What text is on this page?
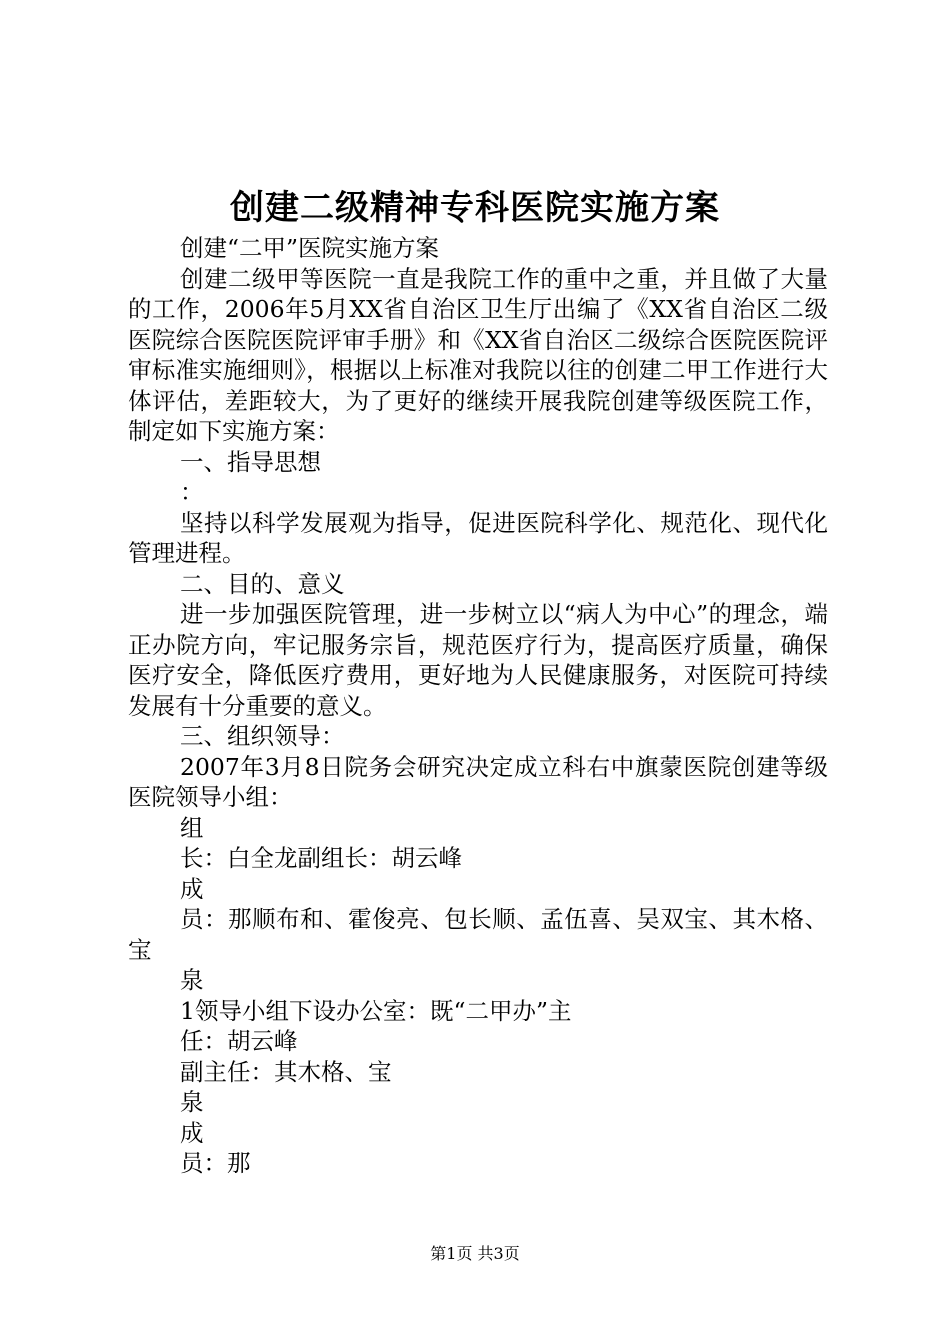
创建二级精神专科医院实施方案

创建“二甲”医院实施方案

创建二级甲等医院一直是我院工作的重中之重，并且做了大量的工作，2006年5月XX省自治区卫生厅出编了《XX省自治区二级医院综合医院医院评审手册》和《XX省自治区二级综合医院医院评审标准实施细则》，根据以上标准对我院以往的创建二甲工作进行大体评估，差距较大，为了更好的继续开展我院创建等级医院工作，制定如下实施方案：

一、指导思想

：

坚持以科学发展观为指导，促进医院科学化、规范化、现代化管理进程。

二、目的、意义

进一步加强医院管理，进一步树立以“病人为中心”的理念，端正办院方向，牢记服务宗旨，规范医疗行为，提高医疗质量，确保医疗安全，降低医疗费用，更好地为人民健康服务，对医院可持续发展有十分重要的意义。

三、组织领导：

2007年3月8日院务会研究决定成立科右中旗蒙医院创建等级医院领导小组：

组

长：白全龙副组长：胡云峰

成

员：那顺布和、霍俊亮、包长顺、孟伍喜、吴双宝、其木格、宝

泉

1领导小组下设办公室：既“二甲办”主

任：胡云峰

副主任：其木格、宝

泉

成

员：那

第1页 共3页
